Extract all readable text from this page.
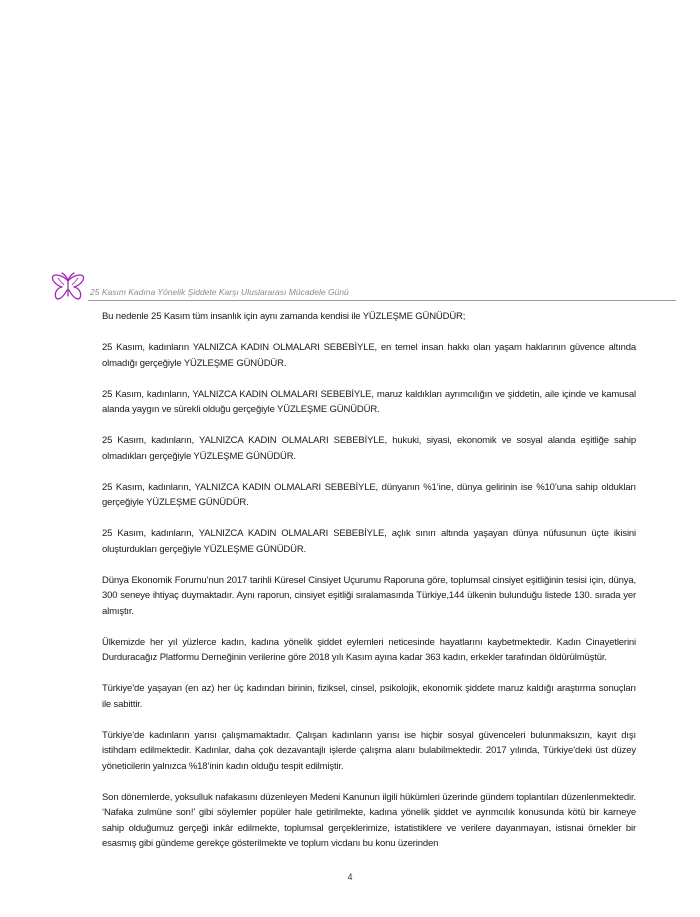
25 Kasım Kadına Yönelik Şiddete Karşı Uluslararası Mücadele Günü

Bu nedenle 25 Kasım tüm insanlık için aynı zamanda kendisi ile YÜZLEŞME GÜNÜDÜR;

25 Kasım, kadınların YALNIZCA KADIN OLMALARI SEBEBİYLE, en temel insan hakkı olan yaşam haklarının güvence altında olmadığı gerçeğiyle YÜZLEŞME GÜNÜDÜR.

25 Kasım, kadınların, YALNIZCA KADIN OLMALARI SEBEBİYLE, maruz kaldıkları ayrımcılığın ve şiddetin, aile içinde ve kamusal alanda yaygın ve sürekli olduğu gerçeğiyle YÜZLEŞME GÜNÜDÜR.

25 Kasım, kadınların, YALNIZCA KADIN OLMALARI SEBEBİYLE, hukuki, siyasi, ekonomik ve sosyal alanda eşitliğe sahip olmadıkları gerçeğiyle YÜZLEŞME GÜNÜDÜR.

25 Kasım, kadınların, YALNIZCA KADIN OLMALARI SEBEBİYLE, dünyanın %1’ine, dünya gelirinin ise %10’una sahip oldukları gerçeğiyle YÜZLEŞME GÜNÜDÜR.

25 Kasım, kadınların, YALNIZCA KADIN OLMALARI SEBEBİYLE, açlık sınırı altında yaşayan dünya nüfusunun üçte ikisini oluşturdukları gerçeğiyle YÜZLEŞME GÜNÜDÜR.

Dünya Ekonomik Forumu’nun 2017 tarihli Küresel Cinsiyet Uçurumu Raporuna göre, toplumsal cinsiyet eşitliğinin tesisi için, dünya, 300 seneye ihtiyaç duymaktadır. Aynı raporun, cinsiyet eşitliği sıralamasında Türkiye,144 ülkenin bulunduğu listede 130. sırada yer almıştır.

Ülkemizde her yıl yüzlerce kadın, kadına yönelik şiddet eylemleri neticesinde hayatlarını kaybetmektedir. Kadın Cinayetlerini Durduracağız Platformu Derneğinin verilerine göre 2018 yılı Kasım ayına kadar 363 kadın, erkekler tarafından öldürülmüştür.

Türkiye’de yaşayan (en az) her üç kadından birinin, fiziksel, cinsel, psikolojik, ekonomik şiddete maruz kaldığı araştırma sonuçları ile sabittir.

Türkiye’de kadınların yarısı çalışmamaktadır. Çalışan kadınların yarısı ise hiçbir sosyal güvenceleri bulunmaksızın, kayıt dışı istihdam edilmektedir. Kadınlar, daha çok dezavantajlı işlerde çalışma alanı bulabilmektedir. 2017 yılında, Türkiye’deki üst düzey yöneticilerin yalnızca %18’inin kadın olduğu tespit edilmiştir.

Son dönemlerde, yoksulluk nafakasını düzenleyen Medeni Kanunun ilgili hükümleri üzerinde gündem toplantıları düzenlenmektedir. ‘Nafaka zulmüne son!’ gibi söylemler popüler hale getirilmekte, kadına yönelik şiddet ve ayrımcılık konusunda kötü bir karneye sahip olduğumuz gerçeği inkâr edilmekte, toplumsal gerçeklerimize, istatistiklere ve verilere dayanmayan, istisnai örnekler bir esasmış gibi gündeme gerekçe gösterilmekte ve toplum vicdanı bu konu üzerinden

4
